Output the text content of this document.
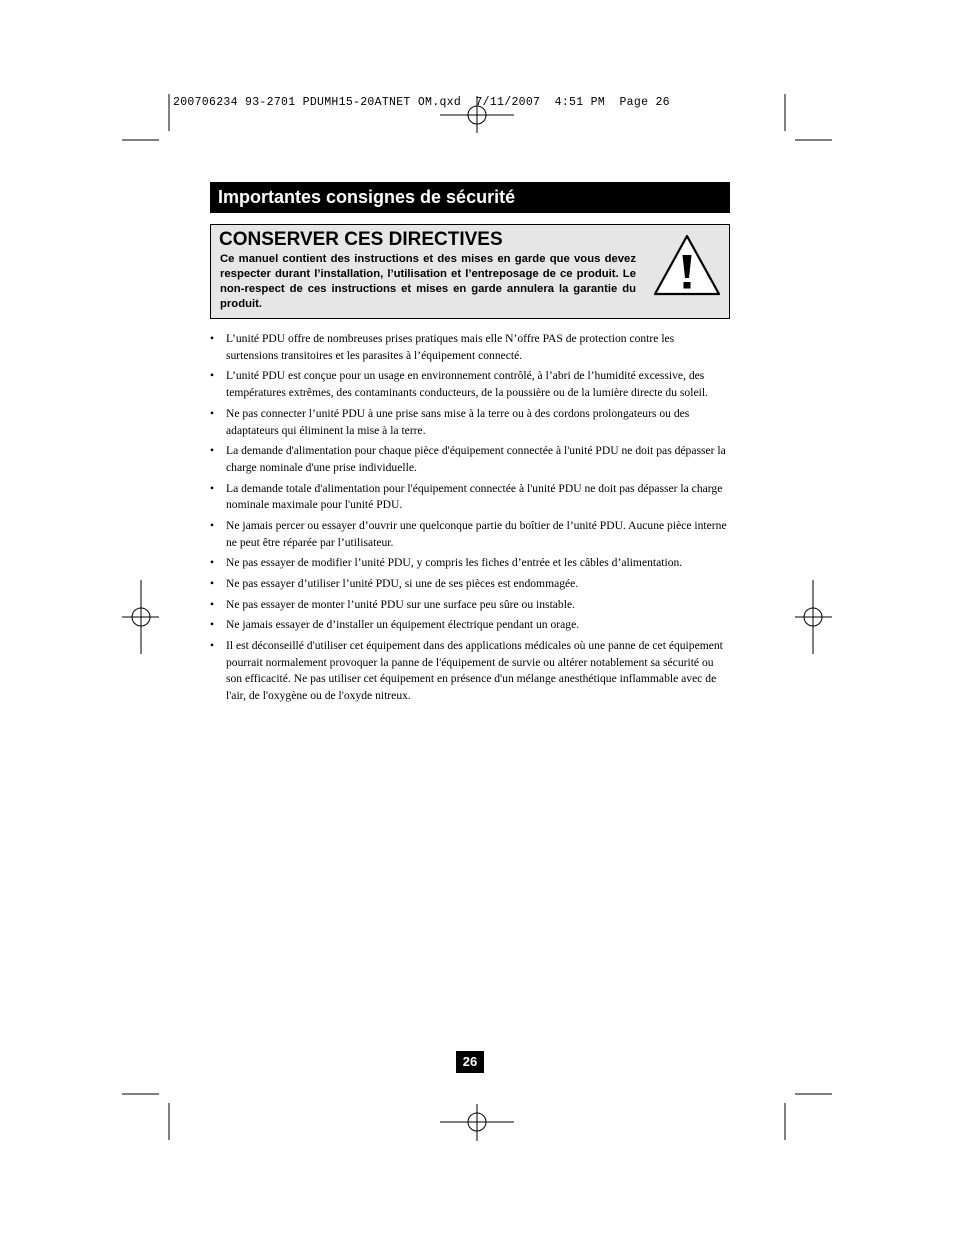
200706234 93-2701 PDUMH15-20ATNET OM.qxd  7/11/2007  4:51 PM  Page 26
Importantes consignes de sécurité
CONSERVER CES DIRECTIVES
Ce manuel contient des instructions et des mises en garde que vous devez respecter durant l’installation, l’utilisation et l’entreposage de ce produit. Le non-respect de ces instructions et mises en garde annulera la garantie du produit.
• L’unité PDU offre de nombreuses prises pratiques mais elle N’offre PAS de protection contre les surtensions transitoires et les parasites à l’équipement connecté.
• L’unité PDU est conçue pour un usage en environnement contrôlé, à l’abri de l’humidité excessive, des températures extrêmes, des contaminants conducteurs, de la poussière ou de la lumière directe du soleil.
• Ne pas connecter l’unité PDU à une prise sans mise à la terre ou à des cordons prolongateurs ou des adaptateurs qui éliminent la mise à la terre.
• La demande d'alimentation pour chaque pièce d'équipement connectée à l'unité PDU ne doit pas dépasser la charge nominale d'une prise individuelle.
• La demande totale d'alimentation pour l'équipement connectée à l'unité PDU ne doit pas dépasser la charge nominale maximale pour l'unité PDU.
• Ne jamais percer ou essayer d’ouvrir une quelconque partie du boîtier de l’unité PDU. Aucune pièce interne ne peut être réparée par l’utilisateur.
• Ne pas essayer de modifier l’unité PDU, y compris les fiches d’entrée et les câbles d’alimentation.
• Ne pas essayer d’utiliser l’unité PDU, si une de ses pièces est endommagée.
• Ne pas essayer de monter l’unité PDU sur une surface peu sûre ou instable.
• Ne jamais essayer de d’installer un équipement électrique pendant un orage.
• Il est déconseillé d'utiliser cet équipement dans des applications médicales où une panne de cet équipement pourrait normalement provoquer la panne de l'équipement de survie ou altérer notablement sa sécurité ou son efficacité. Ne pas utiliser cet équipement en présence d'un mélange anesthétique inflammable avec de l'air, de l'oxygène ou de l'oxyde nitreux.
26
